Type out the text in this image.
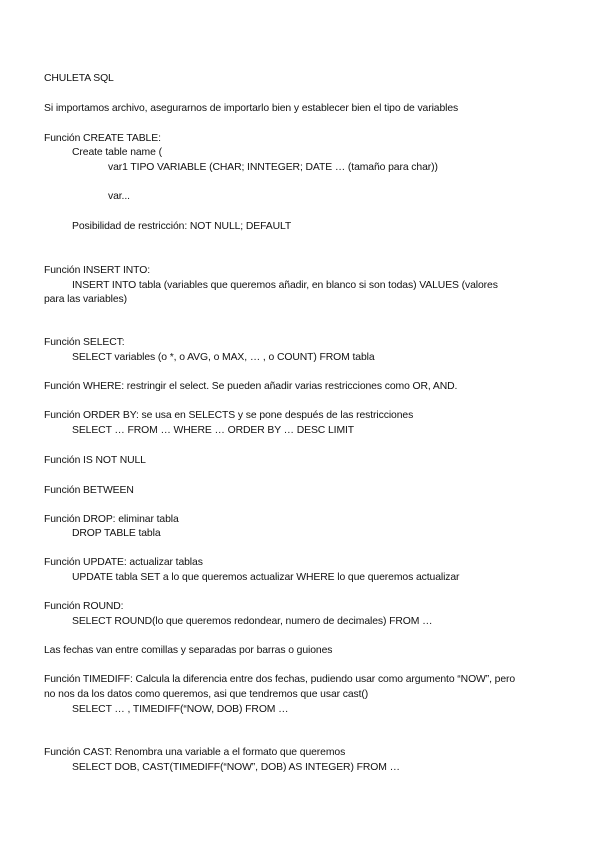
CHULETA SQL
Si importamos archivo, asegurarnos de importarlo bien y establecer bien el tipo de variables
Función CREATE TABLE:
Create table name (
var1 TIPO VARIABLE (CHAR; INNTEGER; DATE … (tamaño para char))
var...
Posibilidad de restricción: NOT NULL; DEFAULT
Función INSERT INTO:
INSERT INTO tabla (variables que queremos añadir, en blanco si son todas) VALUES (valores
para las variables)
Función SELECT:
SELECT variables (o *, o AVG, o MAX, … , o COUNT) FROM tabla
Función WHERE: restringir el select. Se pueden añadir varias restricciones como OR, AND.
Función ORDER BY: se usa en SELECTS y se pone después de las restricciones
SELECT … FROM … WHERE … ORDER BY … DESC LIMIT
Función IS NOT NULL
Función BETWEEN
Función DROP: eliminar tabla
DROP TABLE tabla
Función UPDATE: actualizar tablas
UPDATE tabla SET a lo que queremos actualizar WHERE lo que queremos actualizar
Función ROUND:
SELECT ROUND(lo que queremos redondear, numero de decimales) FROM …
Las fechas van entre comillas y separadas por barras o guiones
Función TIMEDIFF: Calcula la diferencia entre dos fechas, pudiendo usar como argumento “NOW”, pero
no nos da los datos como queremos, asi que tendremos que usar cast()
SELECT … , TIMEDIFF(“NOW, DOB) FROM …
Función CAST: Renombra una variable a el formato que queremos
SELECT DOB, CAST(TIMEDIFF(“NOW”, DOB) AS INTEGER) FROM …
